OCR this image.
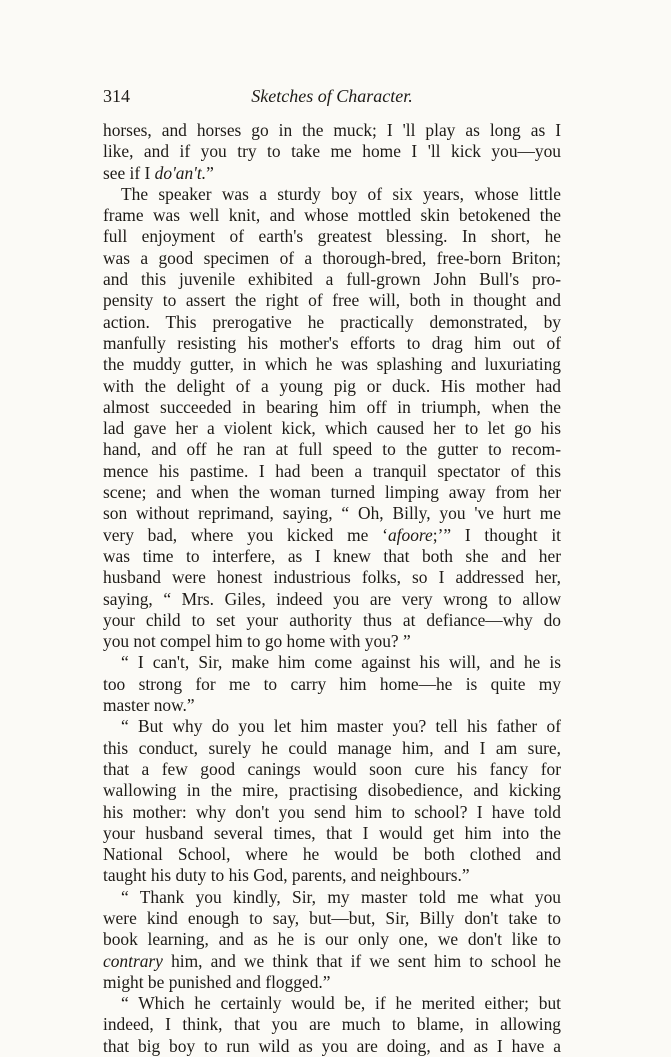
314	Sketches of Character.
horses, and horses go in the muck; I 'll play as long as I
like, and if you try to take me home I 'll kick you—you
see if I do'an't.”
The speaker was a sturdy boy of six years, whose little
frame was well knit, and whose mottled skin betokened the
full enjoyment of earth's greatest blessing. In short, he
was a good specimen of a thorough-bred, free-born Briton;
and this juvenile exhibited a full-grown John Bull's pro-
pensity to assert the right of free will, both in thought and
action. This prerogative he practically demonstrated, by
manfully resisting his mother's efforts to drag him out of
the muddy gutter, in which he was splashing and luxuriating
with the delight of a young pig or duck. His mother had
almost succeeded in bearing him off in triumph, when the
lad gave her a violent kick, which caused her to let go his
hand, and off he ran at full speed to the gutter to recom-
mence his pastime. I had been a tranquil spectator of this
scene; and when the woman turned limping away from her
son without reprimand, saying, “ Oh, Billy, you 've hurt me
very bad, where you kicked me ‘afoore;’” I thought it
was time to interfere, as I knew that both she and her
husband were honest industrious folks, so I addressed her,
saying, “ Mrs. Giles, indeed you are very wrong to allow
your child to set your authority thus at defiance—why do
you not compel him to go home with you? ”
“ I can't, Sir, make him come against his will, and he is
too strong for me to carry him home—he is quite my
master now.”
“ But why do you let him master you? tell his father of
this conduct, surely he could manage him, and I am sure,
that a few good canings would soon cure his fancy for
wallowing in the mire, practising disobedience, and kicking
his mother: why don't you send him to school? I have told
your husband several times, that I would get him into the
National School, where he would be both clothed and
taught his duty to his God, parents, and neighbours.”
“ Thank you kindly, Sir, my master told me what you
were kind enough to say, but—but, Sir, Billy don't take to
book learning, and as he is our only one, we don't like to
contrary him, and we think that if we sent him to school he
might be punished and flogged.”
“ Which he certainly would be, if he merited either; but
indeed, I think, that you are much to blame, in allowing
that big boy to run wild as you are doing, and as I have a
